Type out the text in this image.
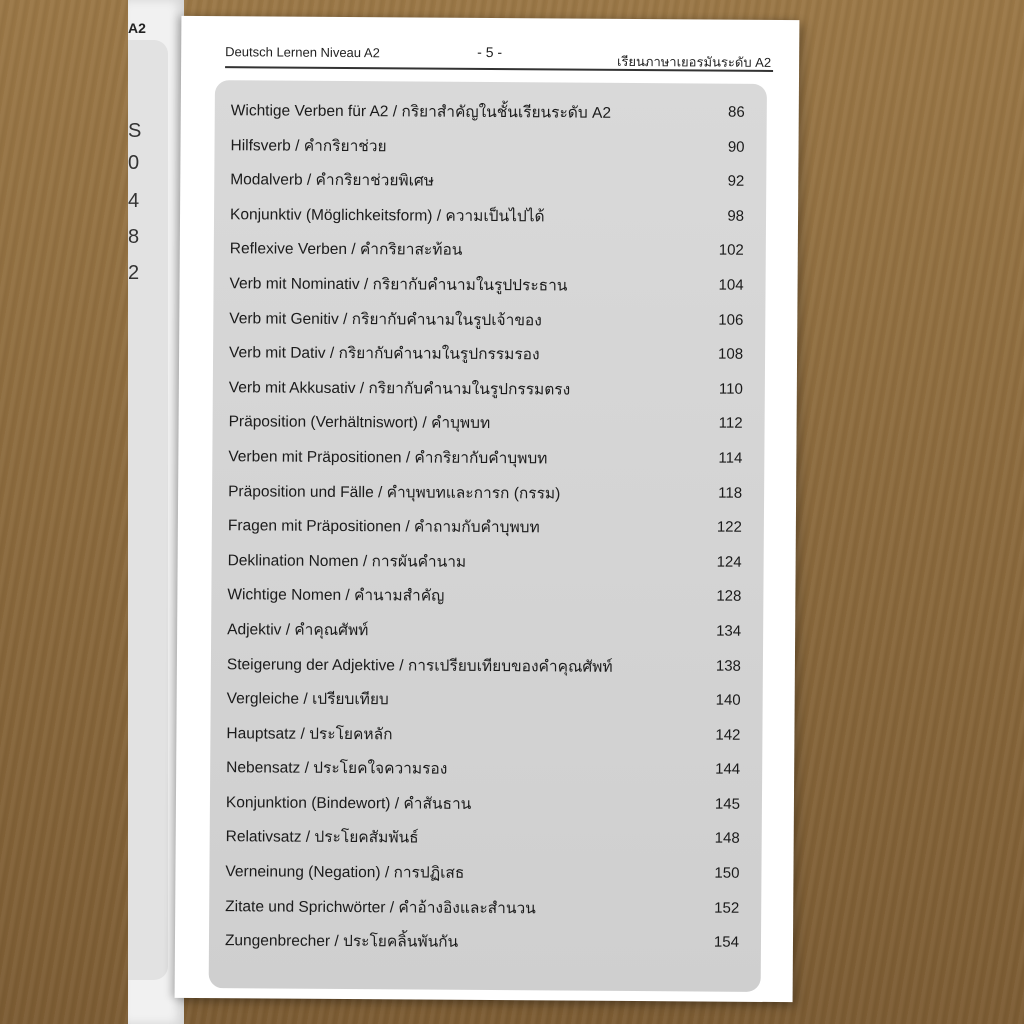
A2
S
0
4
8
2
Deutsch Lernen Niveau A2	- 5 -
เรียนภาษาเยอรมันระดับ A2
Wichtige Verben für A2 / กริยาสำคัญในชั้นเรียนระดับ A2	86
Hilfsverb / คำกริยาช่วย	90
Modalverb / คำกริยาช่วยพิเศษ	92
Konjunktiv (Möglichkeitsform) / ความเป็นไปได้	98
Reflexive Verben / คำกริยาสะท้อน	102
Verb mit Nominativ / กริยากับคำนามในรูปประธาน	104
Verb mit Genitiv / กริยากับคำนามในรูปเจ้าของ	106
Verb mit Dativ / กริยากับคำนามในรูปกรรมรอง	108
Verb mit Akkusativ / กริยากับคำนามในรูปกรรมตรง	110
Präposition (Verhältniswort) / คำบุพบท	112
Verben mit Präpositionen / คำกริยากับคำบุพบท	114
Präposition und Fälle / คำบุพบทและการก (กรรม)	118
Fragen mit Präpositionen / คำถามกับคำบุพบท	122
Deklination Nomen / การผันคำนาม	124
Wichtige Nomen / คำนามสำคัญ	128
Adjektiv / คำคุณศัพท์	134
Steigerung der Adjektive / การเปรียบเทียบของคำคุณศัพท์	138
Vergleiche / เปรียบเทียบ	140
Hauptsatz / ประโยคหลัก	142
Nebensatz / ประโยคใจความรอง	144
Konjunktion (Bindewort) / คำสันธาน	145
Relativsatz / ประโยคสัมพันธ์	148
Verneinung (Negation) / การปฏิเสธ	150
Zitate und Sprichwörter / คำอ้างอิงและสำนวน	152
Zungenbrecher / ประโยคลิ้นพันกัน	154
